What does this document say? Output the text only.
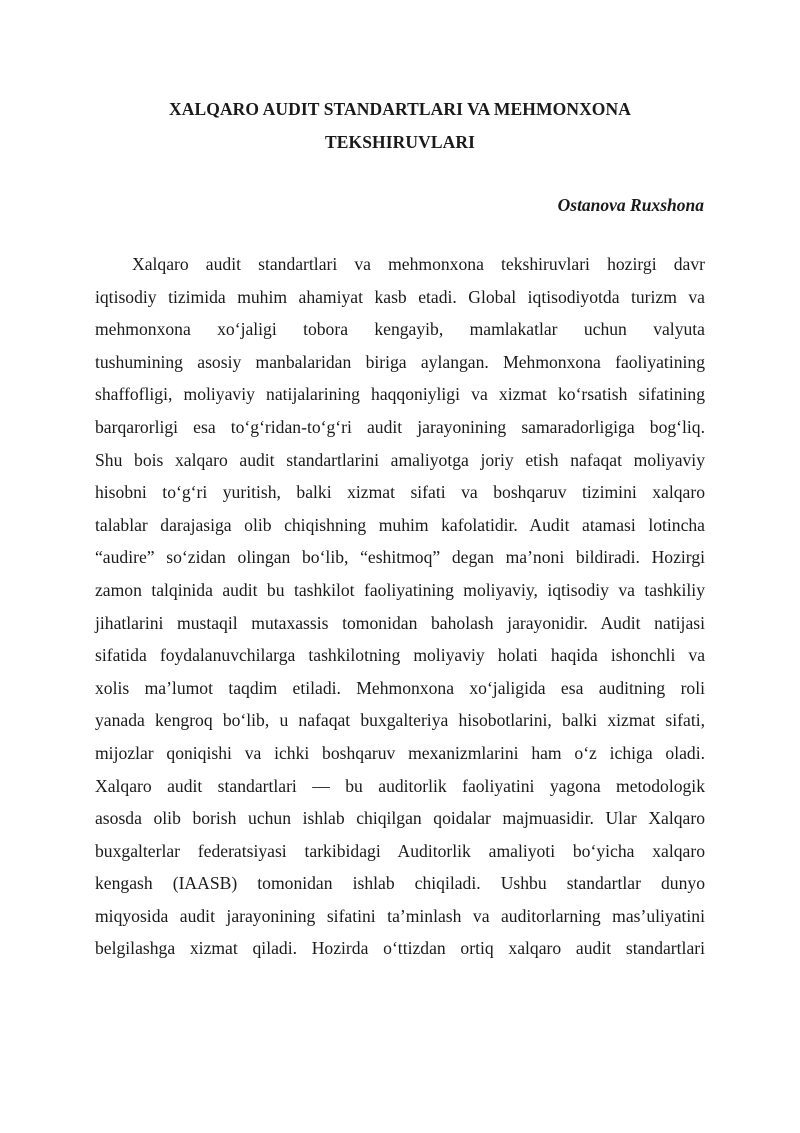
XALQARO AUDIT STANDARTLARI VA MEHMONXONA
TEKSHIRUVLARI
Ostanova Ruxshona
Xalqaro audit standartlari va mehmonxona tekshiruvlari hozirgi davr
iqtisodiy tizimida muhim ahamiyat kasb etadi. Global iqtisodiyotda turizm va
mehmonxona xo‘jaligi tobora kengayib, mamlakatlar uchun valyuta
tushumining asosiy manbalaridan biriga aylangan. Mehmonxona faoliyatining
shaffofligi, moliyaviy natijalarining haqqoniyligi va xizmat ko‘rsatish sifatining
barqarorligi esa to‘g‘ridan-to‘g‘ri audit jarayonining samaradorligiga bog‘liq.
Shu bois xalqaro audit standartlarini amaliyotga joriy etish nafaqat moliyaviy
hisobni to‘g‘ri yuritish, balki xizmat sifati va boshqaruv tizimini xalqaro
talablar darajasiga olib chiqishning muhim kafolatidir. Audit atamasi lotincha
“audire” so‘zidan olingan bo‘lib, “eshitmoq” degan ma’noni bildiradi. Hozirgi
zamon talqinida audit bu tashkilot faoliyatining moliyaviy, iqtisodiy va tashkiliy
jihatlarini mustaqil mutaxassis tomonidan baholash jarayonidir. Audit natijasi
sifatida foydalanuvchilarga tashkilotning moliyaviy holati haqida ishonchli va
xolis ma’lumot taqdim etiladi. Mehmonxona xo‘jaligida esa auditning roli
yanada kengroq bo‘lib, u nafaqat buxgalteriya hisobotlarini, balki xizmat sifati,
mijozlar qoniqishi va ichki boshqaruv mexanizmlarini ham o‘z ichiga oladi.
Xalqaro audit standartlari — bu auditorlik faoliyatini yagona metodologik
asosda olib borish uchun ishlab chiqilgan qoidalar majmuasidir. Ular Xalqaro
buxgalterlar federatsiyasi tarkibidagi Auditorlik amaliyoti bo‘yicha xalqaro
kengash (IAASB) tomonidan ishlab chiqiladi. Ushbu standartlar dunyo
miqyosida audit jarayonining sifatini ta’minlash va auditorlarning mas’uliyatini
belgilashga xizmat qiladi. Hozirda o‘ttizdan ortiq xalqaro audit standartlari
